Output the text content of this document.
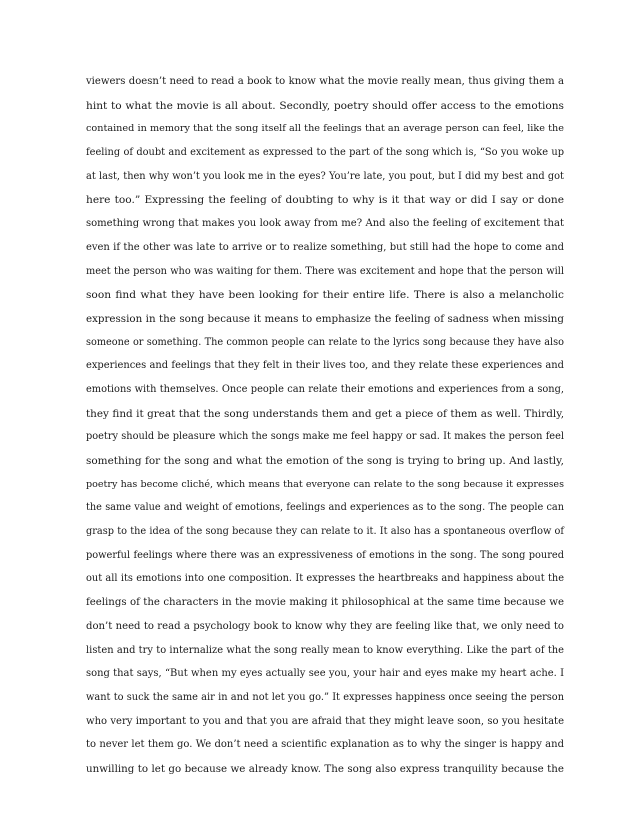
viewers doesn’t need to read a book to know what the movie really mean, thus giving them a
hint to what the movie is all about. Secondly, poetry should offer access to the emotions
contained in memory that the song itself all the feelings that an average person can feel, like the
feeling of doubt and excitement as expressed to the part of the song which is, “So you woke up
at last, then why won’t you look me in the eyes? You’re late, you pout, but I did my best and got
here too.” Expressing the feeling of doubting to why is it that way or did I say or done
something wrong that makes you look away from me? And also the feeling of excitement that
even if the other was late to arrive or to realize something, but still had the hope to come and
meet the person who was waiting for them. There was excitement and hope that the person will
soon find what they have been looking for their entire life. There is also a melancholic
expression in the song because it means to emphasize the feeling of sadness when missing
someone or something. The common people can relate to the lyrics song because they have also
experiences and feelings that they felt in their lives too, and they relate these experiences and
emotions with themselves. Once people can relate their emotions and experiences from a song,
they find it great that the song understands them and get a piece of them as well. Thirdly,
poetry should be pleasure which the songs make me feel happy or sad. It makes the person feel
something for the song and what the emotion of the song is trying to bring up. And lastly,
poetry has become cliché, which means that everyone can relate to the song because it expresses
the same value and weight of emotions, feelings and experiences as to the song. The people can
grasp to the idea of the song because they can relate to it. It also has a spontaneous overflow of
powerful feelings where there was an expressiveness of emotions in the song. The song poured
out all its emotions into one composition. It expresses the heartbreaks and happiness about the
feelings of the characters in the movie making it philosophical at the same time because we
don’t need to read a psychology book to know why they are feeling like that, we only need to
listen and try to internalize what the song really mean to know everything. Like the part of the
song that says, “But when my eyes actually see you, your hair and eyes make my heart ache. I
want to suck the same air in and not let you go.” It expresses happiness once seeing the person
who very important to you and that you are afraid that they might leave soon, so you hesitate
to never let them go. We don’t need a scientific explanation as to why the singer is happy and
unwilling to let go because we already know. The song also express tranquility because the
